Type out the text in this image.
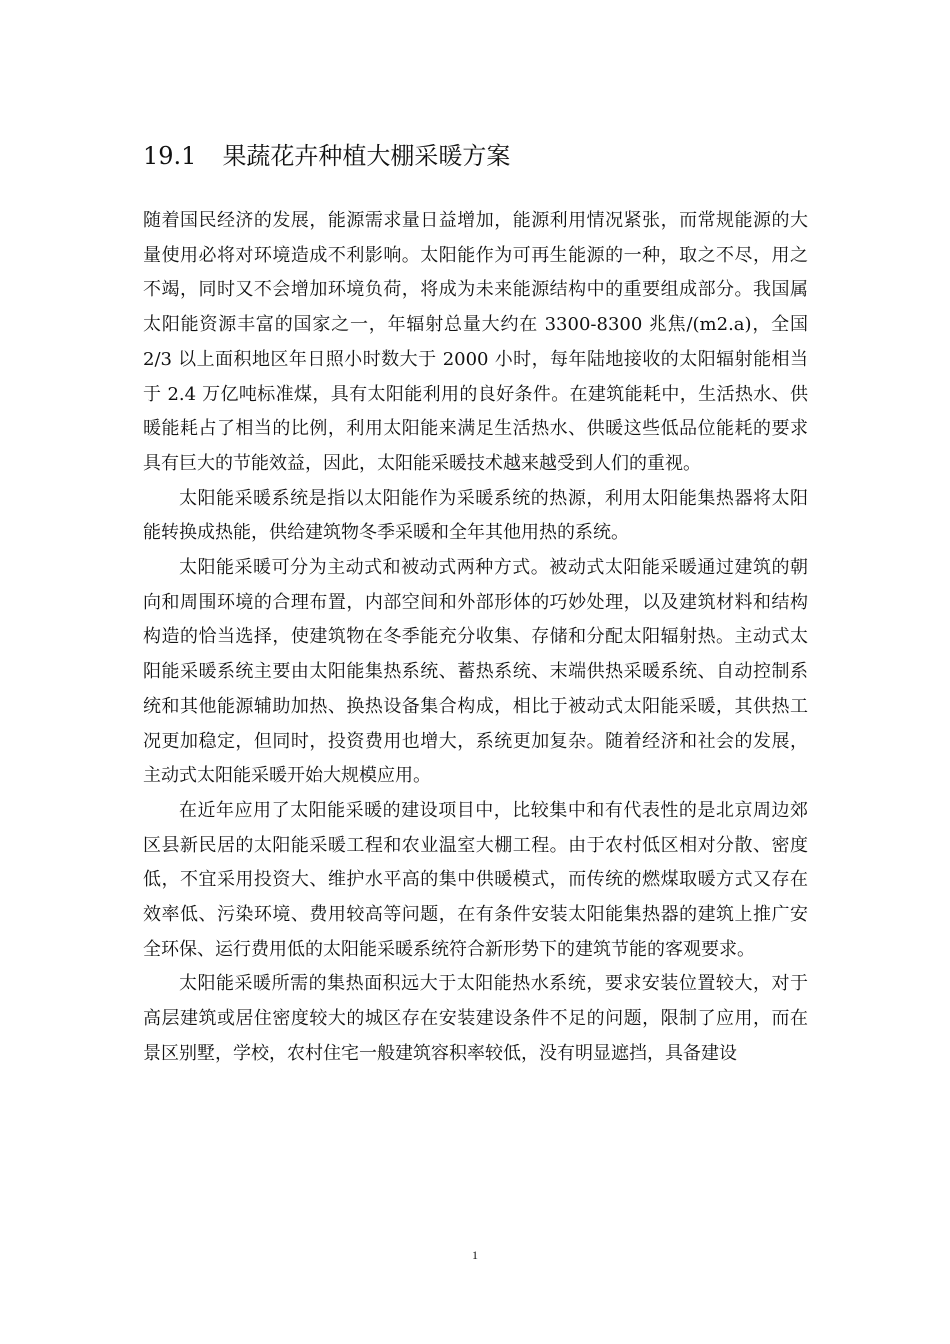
19.1 果蔬花卉种植大棚采暖方案

随着国民经济的发展，能源需求量日益增加，能源利用情况紧张，而常规能源的大量使用必将对环境造成不利影响。太阳能作为可再生能源的一种，取之不尽，用之不竭，同时又不会增加环境负荷，将成为未来能源结构中的重要组成部分。我国属太阳能资源丰富的国家之一，年辐射总量大约在 3300-8300 兆焦/(m2.a)，全国 2/3 以上面积地区年日照小时数大于 2000 小时，每年陆地接收的太阳辐射能相当于 2.4 万亿吨标准煤，具有太阳能利用的良好条件。在建筑能耗中，生活热水、供暖能耗占了相当的比例，利用太阳能来满足生活热水、供暖这些低品位能耗的要求具有巨大的节能效益，因此，太阳能采暖技术越来越受到人们的重视。

太阳能采暖系统是指以太阳能作为采暖系统的热源，利用太阳能集热器将太阳能转换成热能，供给建筑物冬季采暖和全年其他用热的系统。

太阳能采暖可分为主动式和被动式两种方式。被动式太阳能采暖通过建筑的朝向和周围环境的合理布置，内部空间和外部形体的巧妙处理，以及建筑材料和结构构造的恰当选择，使建筑物在冬季能充分收集、存储和分配太阳辐射热。主动式太阳能采暖系统主要由太阳能集热系统、蓄热系统、末端供热采暖系统、自动控制系统和其他能源辅助加热、换热设备集合构成，相比于被动式太阳能采暖，其供热工况更加稳定，但同时，投资费用也增大，系统更加复杂。随着经济和社会的发展，主动式太阳能采暖开始大规模应用。

在近年应用了太阳能采暖的建设项目中，比较集中和有代表性的是北京周边郊区县新民居的太阳能采暖工程和农业温室大棚工程。由于农村低区相对分散、密度低，不宜采用投资大、维护水平高的集中供暖模式，而传统的燃煤取暖方式又存在效率低、污染环境、费用较高等问题，在有条件安装太阳能集热器的建筑上推广安全环保、运行费用低的太阳能采暖系统符合新形势下的建筑节能的客观要求。

太阳能采暖所需的集热面积远大于太阳能热水系统，要求安装位置较大，对于高层建筑或居住密度较大的城区存在安装建设条件不足的问题，限制了应用，而在景区别墅，学校，农村住宅一般建筑容积率较低，没有明显遮挡，具备建设

1
